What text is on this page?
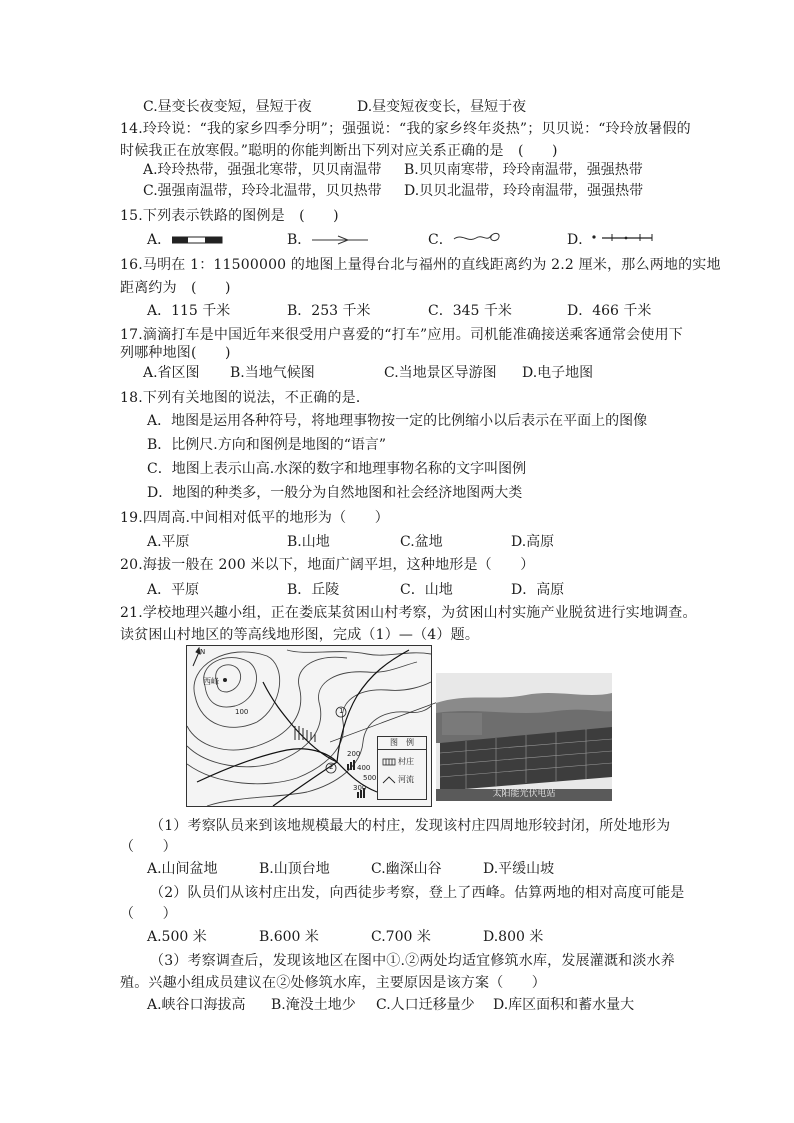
C.昼变长夜变短，昼短于夜	D.昼变短夜变长，昼短于夜
14.玲玲说：“我的家乡四季分明”；强强说：“我的家乡终年炎热”；贝贝说：“玲玲放暑假的
时候我正在放寒假。”聪明的你能判断出下列对应关系正确的是　(　　)
A.玲玲热带，强强北寒带，贝贝南温带 B.贝贝南寒带，玲玲南温带，强强热带
C.强强南温带，玲玲北温带，贝贝热带 D.贝贝北温带，玲玲南温带，强强热带
15.下列表示铁路的图例是　(　　)
A．	B．	C．	D．
16.马明在 1：11500000 的地图上量得台北与福州的直线距离约为 2.2 厘米，那么两地的实地
距离约为　(　　)
A．115 千米	B．253 千米	C．345 千米	D．466 千米
17.滴滴打车是中国近年来很受用户喜爱的“打车”应用。司机能准确接送乘客通常会使用下
列哪种地图(　　)
A.省区图 B.当地气候图	C.当地景区导游图 D.电子地图
18.下列有关地图的说法，不正确的是．
A．地图是运用各种符号，将地理事物按一定的比例缩小以后表示在平面上的图像
B．比例尺.方向和图例是地图的“语言”
C．地图上表示山高.水深的数字和地理事物名称的文字叫图例
D．地图的种类多，一般分为自然地图和社会经济地图两大类
19.四周高.中间相对低平的地形为（　　）
A.平原	B.山地	C.盆地	D.高原
20.海拔一般在 200 米以下，地面广阔平坦，这种地形是（　　）
A．平原	B．丘陵	C．山地	D．高原
21.学校地理兴趣小组，正在娄底某贫困山村考察，为贫困山村实施产业脱贫进行实地调查。
读贫困山村地区的等高线地形图，完成（1）—（4）题。
西峰
N
100
200
300
400
500
1
2
图　例
村庄
河流
太阳能光伏电站
（1）考察队员来到该地规模最大的村庄，发现该村庄四周地形较封闭，所处地形为
（　　）
A.山间盆地	B.山顶台地	C.幽深山谷	D.平缓山坡
（2）队员们从该村庄出发，向西徒步考察，登上了西峰。估算两地的相对高度可能是
（　　）
A.500 米	B.600 米	C.700 米	D.800 米
（3）考察调查后，发现该地区在图中①.②两处均适宜修筑水库，发展灌溉和淡水养
殖。兴趣小组成员建议在②处修筑水库，主要原因是该方案（　　）
A.峡谷口海拔高 B.淹没土地少 C.人口迁移量少 D.库区面积和蓄水量大
